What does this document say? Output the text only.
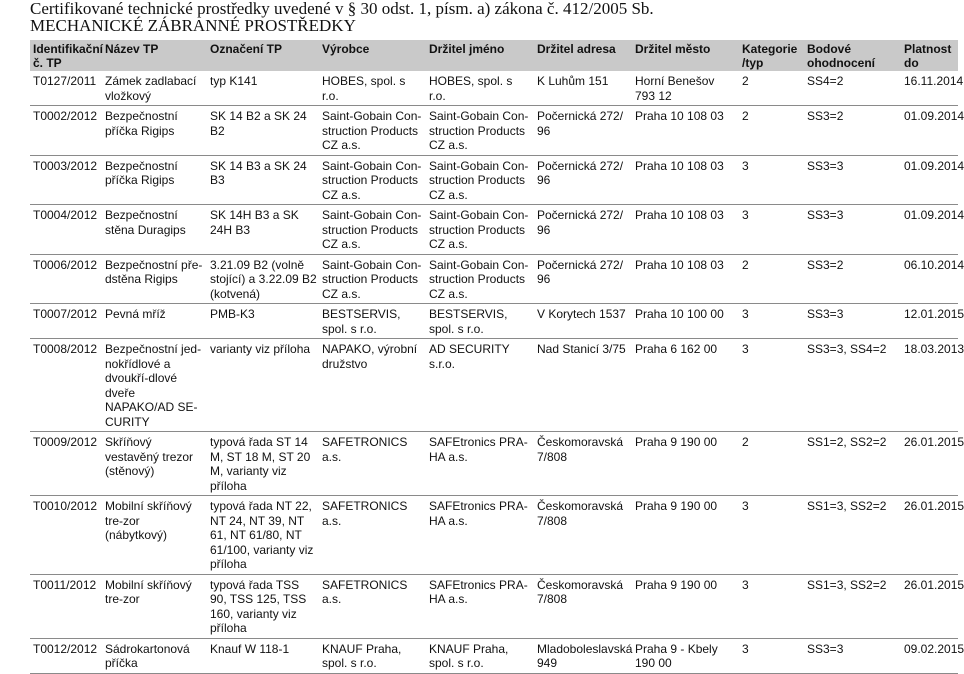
Certifikované technické prostředky uvedené v § 30 odst. 1, písm. a) zákona č. 412/2005 Sb.
MECHANICKÉ ZÁBRANNÉ PROSTŘEDKY
Identifikační č. TP	Název TP	Označení TP	Výrobce	Držitel jméno	Držitel adresa	Držitel město	Kategorie /typ	Bodové ohodnocení	Platnost do
T0127/2011	Zámek zadlabací vložkový	typ K141	HOBES, spol. s r.o.	HOBES, spol. s r.o.	K Luhům 151	Horní Benešov 793 12	2	SS4=2	16.11.2014
T0002/2012	Bezpečnostní příčka Rigips	SK 14 B2 a SK 24 B2	Saint-Gobain Con-struction Products CZ a.s.	Saint-Gobain Con-struction Products CZ a.s.	Počernická 272/ 96	Praha 10 108 03	2	SS3=2	01.09.2014
T0003/2012	Bezpečnostní příčka Rigips	SK 14 B3 a SK 24 B3	Saint-Gobain Con-struction Products CZ a.s.	Saint-Gobain Con-struction Products CZ a.s.	Počernická 272/ 96	Praha 10 108 03	3	SS3=3	01.09.2014
T0004/2012	Bezpečnostní stěna Duragips	SK 14H B3 a SK 24H B3	Saint-Gobain Con-struction Products CZ a.s.	Saint-Gobain Con-struction Products CZ a.s.	Počernická 272/ 96	Praha 10 108 03	3	SS3=3	01.09.2014
T0006/2012	Bezpečnostní pře-dstěna Rigips	3.21.09 B2 (volně stojící) a 3.22.09 B2 (kotvená)	Saint-Gobain Con-struction Products CZ a.s.	Saint-Gobain Con-struction Products CZ a.s.	Počernická 272/ 96	Praha 10 108 03	2	SS3=2	06.10.2014
T0007/2012	Pevná mříž	PMB-K3	BESTSERVIS, spol. s r.o.	BESTSERVIS, spol. s r.o.	V Korytech 1537	Praha 10 100 00	3	SS3=3	12.01.2015
T0008/2012	Bezpečnostní jed-nokřídlové a dvoukří-dlové dveře NAPAKO/AD SE-CURITY	varianty viz příloha	NAPAKO, výrobní družstvo	AD SECURITY s.r.o.	Nad Stanicí 3/75	Praha 6 162 00	3	SS3=3, SS4=2	18.03.2013
T0009/2012	Skříňový vestavěný trezor (stěnový)	typová řada ST 14 M, ST 18 M, ST 20 M, varianty viz příloha	SAFETRONICS a.s.	SAFEtronics PRA-HA a.s.	Českomoravská 7/808	Praha 9 190 00	2	SS1=2, SS2=2	26.01.2015
T0010/2012	Mobilní skříňový tre-zor (nábytkový)	typová řada NT 22, NT 24, NT 39, NT 61, NT 61/80, NT 61/100, varianty viz příloha	SAFETRONICS a.s.	SAFEtronics PRA-HA a.s.	Českomoravská 7/808	Praha 9 190 00	3	SS1=3, SS2=2	26.01.2015
T0011/2012	Mobilní skříňový tre-zor	typová řada TSS 90, TSS 125, TSS 160, varianty viz příloha	SAFETRONICS a.s.	SAFEtronics PRA-HA a.s.	Českomoravská 7/808	Praha 9 190 00	3	SS1=3, SS2=2	26.01.2015
T0012/2012	Sádrokartonová příčka	Knauf W 118-1	KNAUF Praha, spol. s r.o.	KNAUF Praha, spol. s r.o.	Mladoboleslavská 949	Praha 9 - Kbely 190 00	3	SS3=3	09.02.2015
